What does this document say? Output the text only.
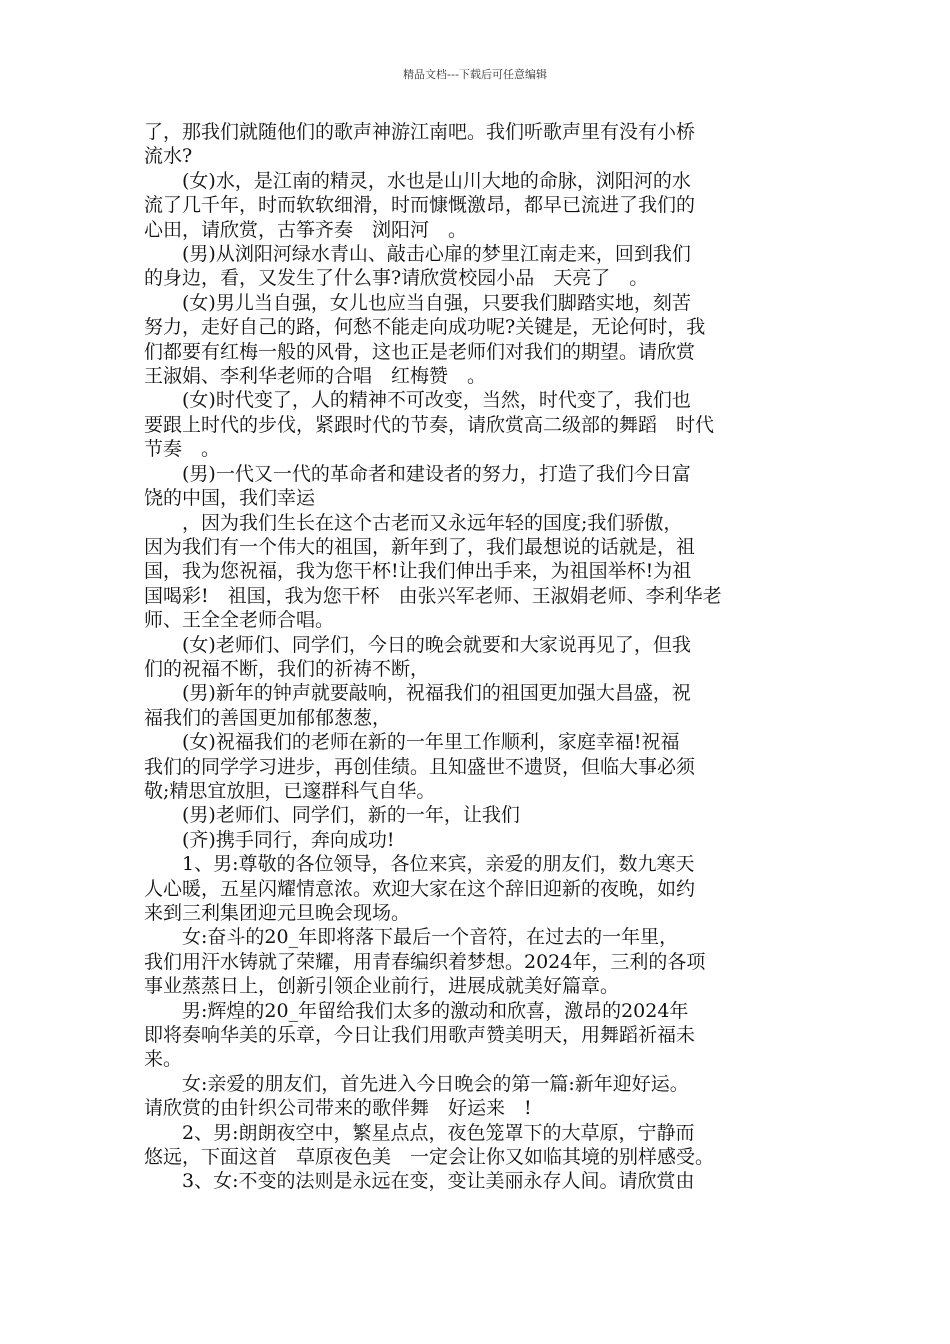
精品文档---下载后可任意编辑

了，那我们就随他们的歌声神游江南吧。我们听歌声里有没有小桥

流水?

　　(女)水，是江南的精灵，水也是山川大地的命脉，浏阳河的水

流了几千年，时而软软细滑，时而慷慨激昂，都早已流进了我们的

心田，请欣赏，古筝齐奏　浏阳河　。

　　(男)从浏阳河绿水青山、敲击心扉的梦里江南走来，回到我们

的身边，看，又发生了什么事?请欣赏校园小品　天亮了　。

　　(女)男儿当自强，女儿也应当自强，只要我们脚踏实地，刻苦

努力，走好自己的路，何愁不能走向成功呢?关键是，无论何时，我

们都要有红梅一般的风骨，这也正是老师们对我们的期望。请欣赏

王淑娟、李利华老师的合唱　红梅赞　。

　　(女)时代变了，人的精神不可改变，当然，时代变了，我们也

要跟上时代的步伐，紧跟时代的节奏，请欣赏高二级部的舞蹈　时代

节奏　。

　　(男)一代又一代的革命者和建设者的努力，打造了我们今日富

饶的中国，我们幸运

　　，因为我们生长在这个古老而又永远年轻的国度;我们骄傲，

因为我们有一个伟大的祖国，新年到了，我们最想说的话就是，祖

国，我为您祝福，我为您干杯!让我们伸出手来，为祖国举杯!为祖

国喝彩!　祖国，我为您干杯　由张兴军老师、王淑娟老师、李利华老

师、王全全老师合唱。

　　(女)老师们、同学们，今日的晚会就要和大家说再见了，但我

们的祝福不断，我们的祈祷不断，

　　(男)新年的钟声就要敲响，祝福我们的祖国更加强大昌盛，祝

福我们的善国更加郁郁葱葱，

　　(女)祝福我们的老师在新的一年里工作顺利，家庭幸福!祝福

我们的同学学习进步，再创佳绩。且知盛世不遗贤，但临大事必须

敬;精思宜放胆，已邃群科气自华。

　　(男)老师们、同学们，新的一年，让我们

　　(齐)携手同行，奔向成功!

　　1、男:尊敬的各位领导，各位来宾，亲爱的朋友们，数九寒天

人心暖，五星闪耀情意浓。欢迎大家在这个辞旧迎新的夜晚，如约

来到三利集团迎元旦晚会现场。

　　女:奋斗的20_年即将落下最后一个音符，在过去的一年里，

我们用汗水铸就了荣耀，用青春编织着梦想。2024年，三利的各项

事业蒸蒸日上，创新引领企业前行，进展成就美好篇章。

　　男:辉煌的20_年留给我们太多的激动和欣喜，激昂的2024年

即将奏响华美的乐章，今日让我们用歌声赞美明天，用舞蹈祈福未

来。

　　女:亲爱的朋友们，首先进入今日晚会的第一篇:新年迎好运。

请欣赏的由针织公司带来的歌伴舞　好运来　!

　　2、男:朗朗夜空中，繁星点点，夜色笼罩下的大草原，宁静而

悠远，下面这首　草原夜色美　一定会让你又如临其境的别样感受。

　　3、女:不变的法则是永远在变，变让美丽永存人间。请欣赏由
